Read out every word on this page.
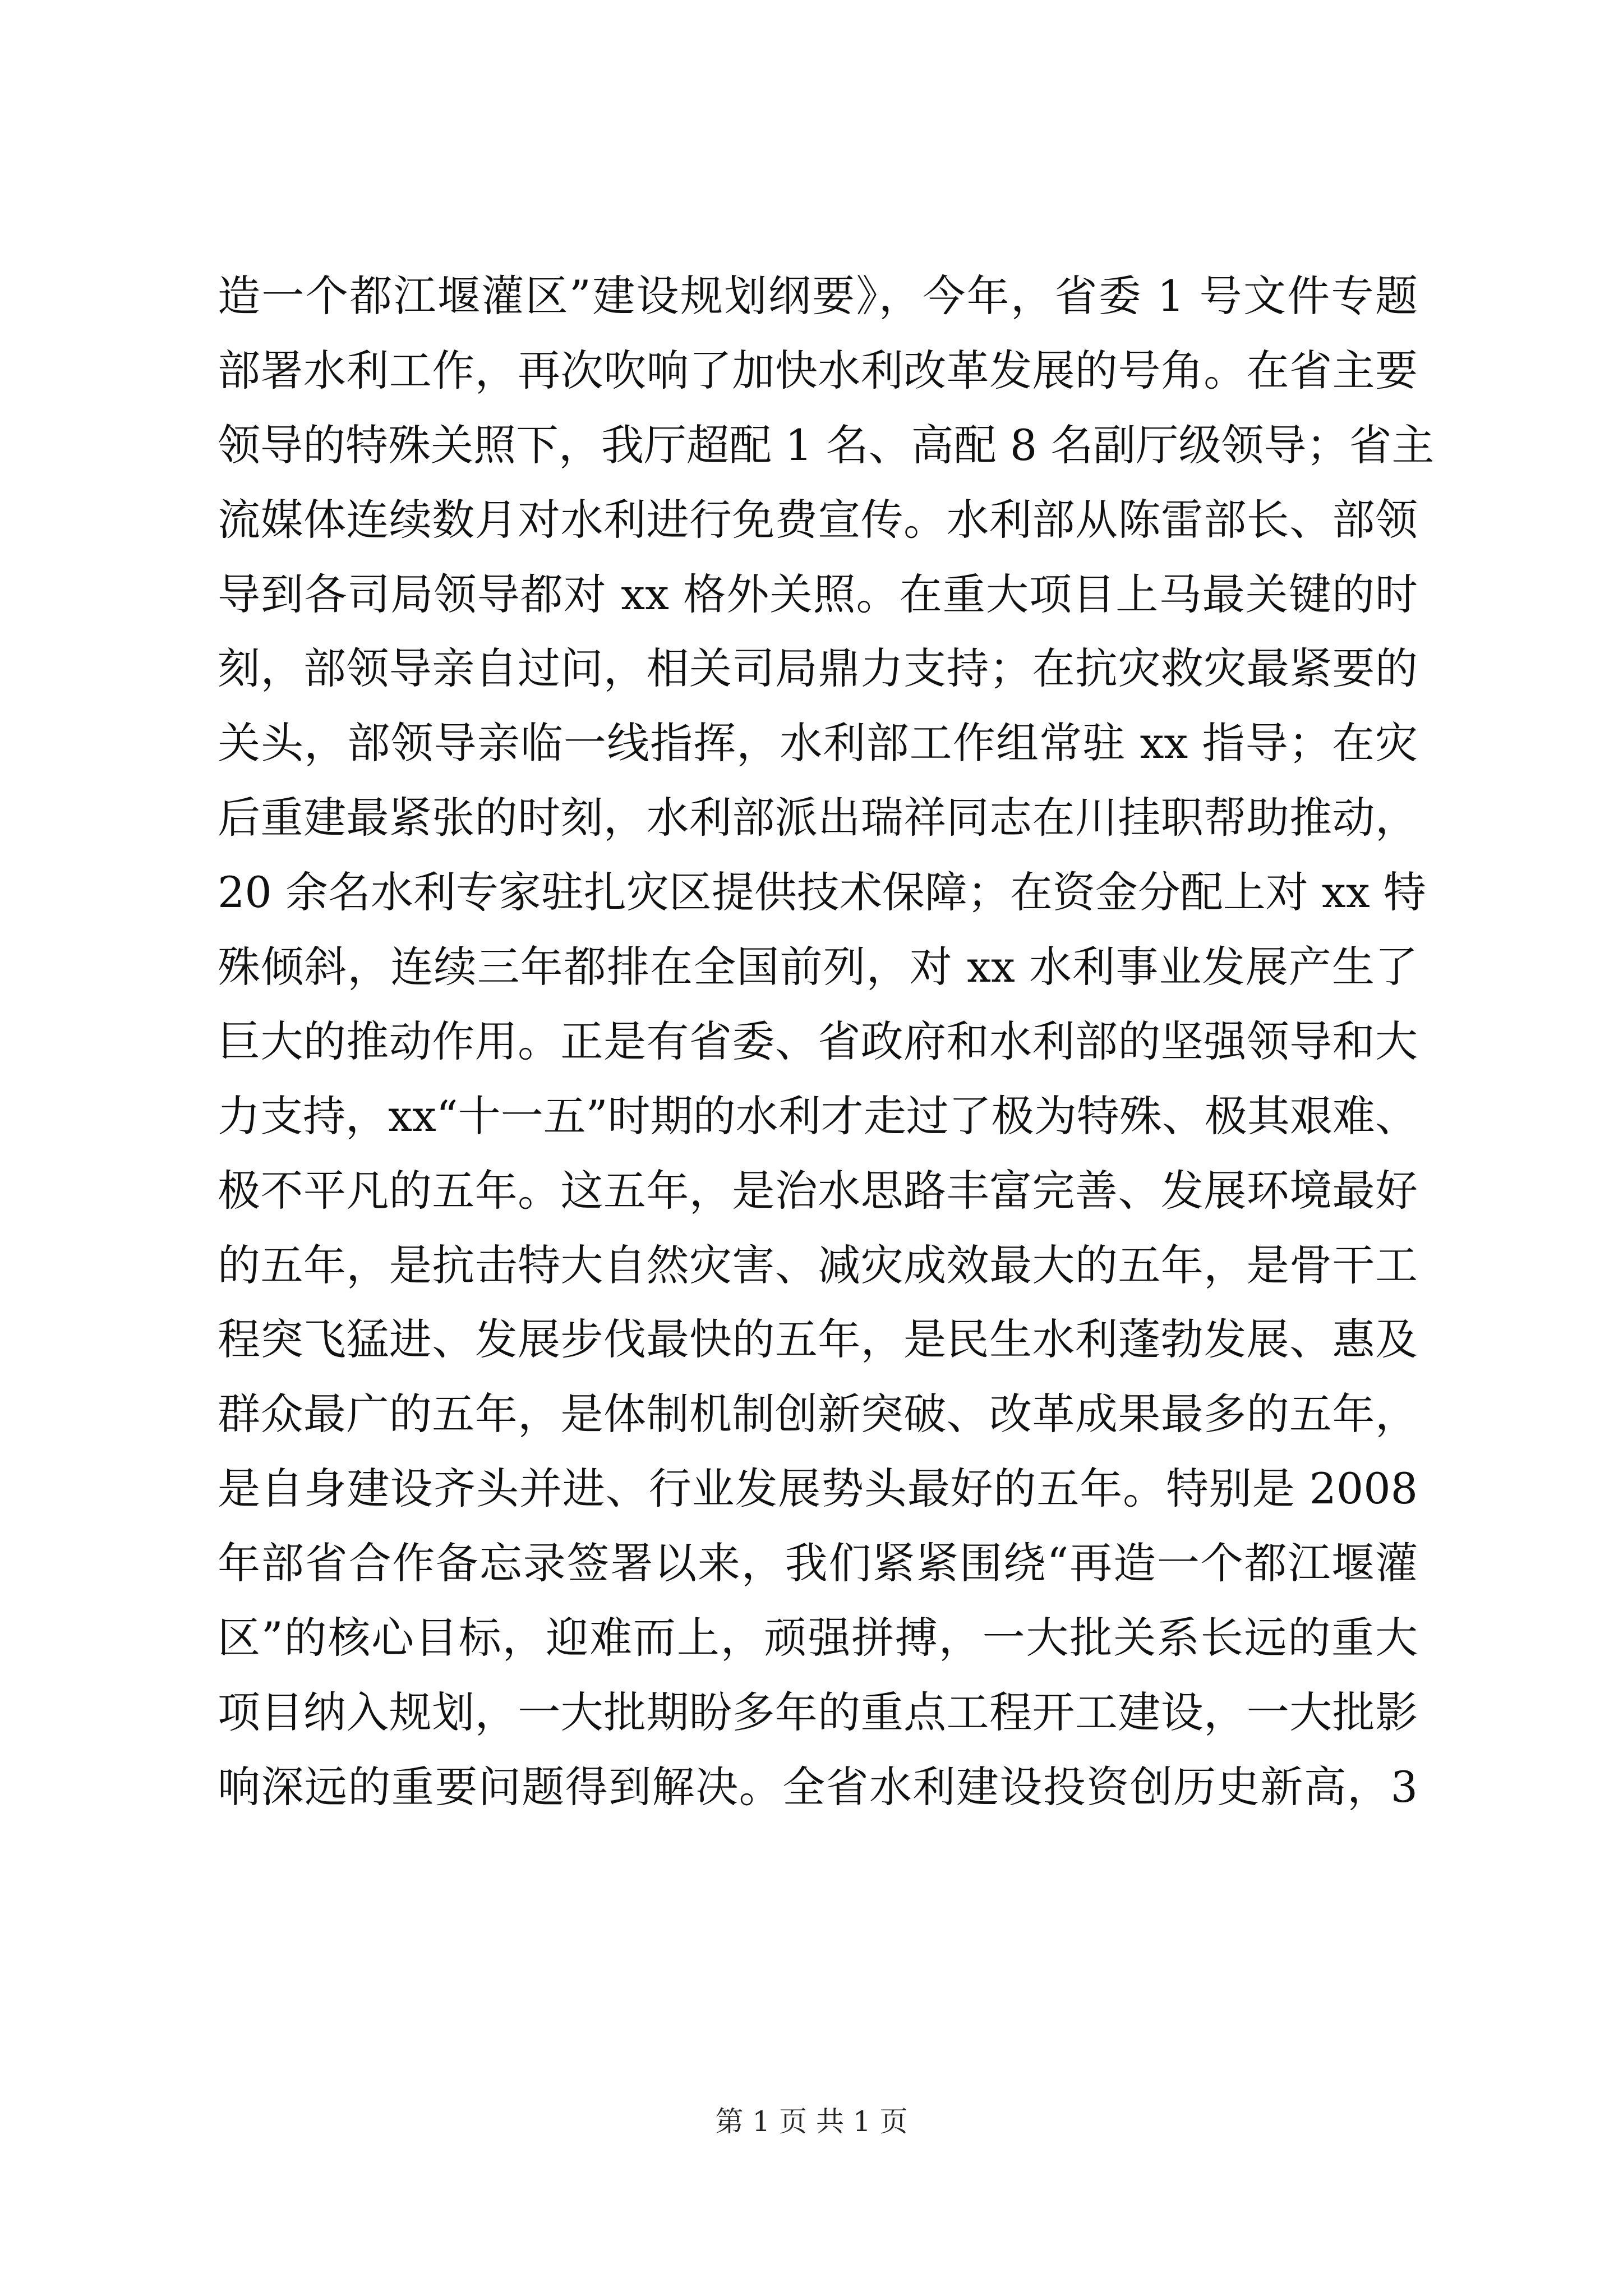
造一个都江堰灌区”建设规划纲要》，今年，省委 1 号文件专题
部署水利工作，再次吹响了加快水利改革发展的号角。在省主要
领导的特殊关照下，我厅超配 1 名、高配 8 名副厅级领导；省主
流媒体连续数月对水利进行免费宣传。水利部从陈雷部长、部领
导到各司局领导都对 xx 格外关照。在重大项目上马最关键的时
刻，部领导亲自过问，相关司局鼎力支持；在抗灾救灾最紧要的
关头，部领导亲临一线指挥，水利部工作组常驻 xx 指导；在灾
后重建最紧张的时刻，水利部派出瑞祥同志在川挂职帮助推动，
20 余名水利专家驻扎灾区提供技术保障；在资金分配上对 xx 特
殊倾斜，连续三年都排在全国前列，对 xx 水利事业发展产生了
巨大的推动作用。正是有省委、省政府和水利部的坚强领导和大
力支持，xx“十一五”时期的水利才走过了极为特殊、极其艰难、
极不平凡的五年。这五年，是治水思路丰富完善、发展环境最好
的五年，是抗击特大自然灾害、减灾成效最大的五年，是骨干工
程突飞猛进、发展步伐最快的五年，是民生水利蓬勃发展、惠及
群众最广的五年，是体制机制创新突破、改革成果最多的五年，
是自身建设齐头并进、行业发展势头最好的五年。特别是 2008
年部省合作备忘录签署以来，我们紧紧围绕“再造一个都江堰灌
区”的核心目标，迎难而上，顽强拼搏，一大批关系长远的重大
项目纳入规划，一大批期盼多年的重点工程开工建设，一大批影
响深远的重要问题得到解决。全省水利建设投资创历史新高，3
第 1 页 共 1 页
